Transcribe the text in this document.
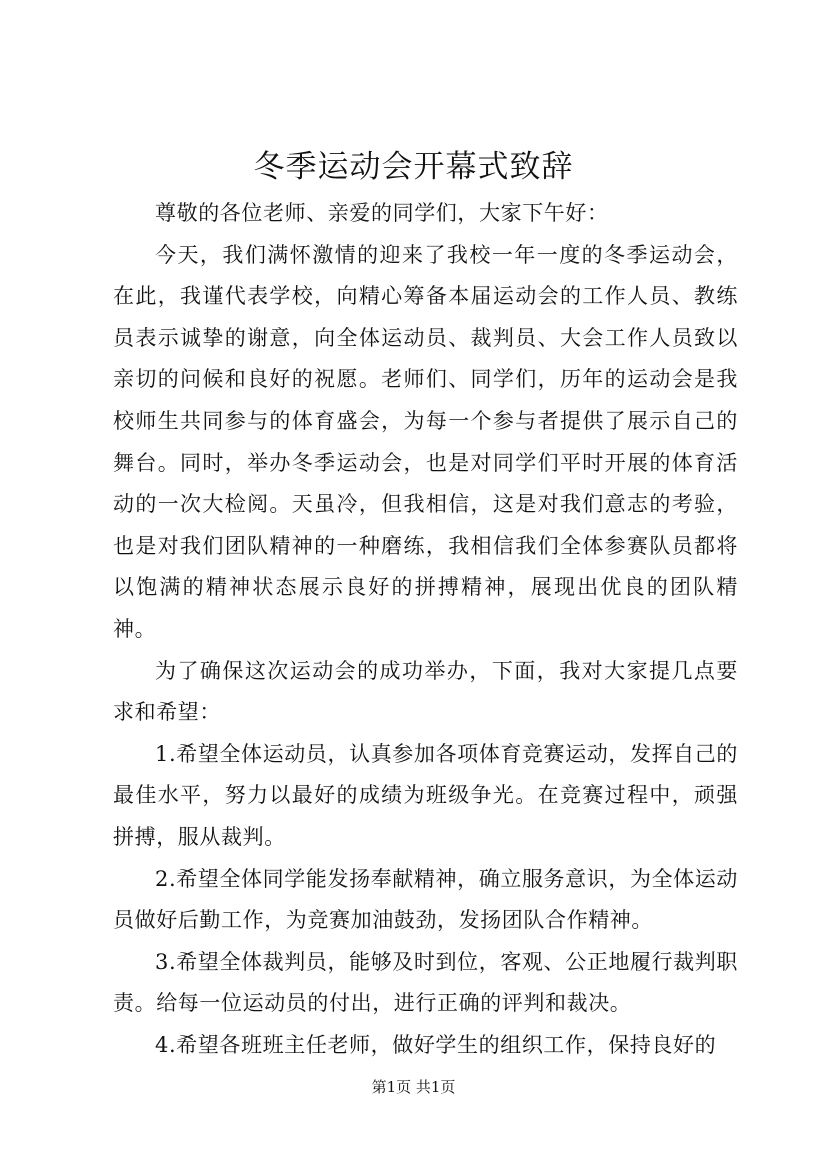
冬季运动会开幕式致辞

尊敬的各位老师、亲爱的同学们，大家下午好：

今天，我们满怀激情的迎来了我校一年一度的冬季运动会，在此，我谨代表学校，向精心筹备本届运动会的工作人员、教练员表示诚挚的谢意，向全体运动员、裁判员、大会工作人员致以亲切的问候和良好的祝愿。老师们、同学们，历年的运动会是我校师生共同参与的体育盛会，为每一个参与者提供了展示自己的舞台。同时，举办冬季运动会，也是对同学们平时开展的体育活动的一次大检阅。天虽冷，但我相信，这是对我们意志的考验，也是对我们团队精神的一种磨练，我相信我们全体参赛队员都将以饱满的精神状态展示良好的拼搏精神，展现出优良的团队精神。

为了确保这次运动会的成功举办，下面，我对大家提几点要求和希望：

1.希望全体运动员，认真参加各项体育竞赛运动，发挥自己的最佳水平，努力以最好的成绩为班级争光。在竞赛过程中，顽强拼搏，服从裁判。

2.希望全体同学能发扬奉献精神，确立服务意识，为全体运动员做好后勤工作，为竞赛加油鼓劲，发扬团队合作精神。

3.希望全体裁判员，能够及时到位，客观、公正地履行裁判职责。给每一位运动员的付出，进行正确的评判和裁决。

4.希望各班班主任老师，做好学生的组织工作，保持良好的

第1页 共1页
